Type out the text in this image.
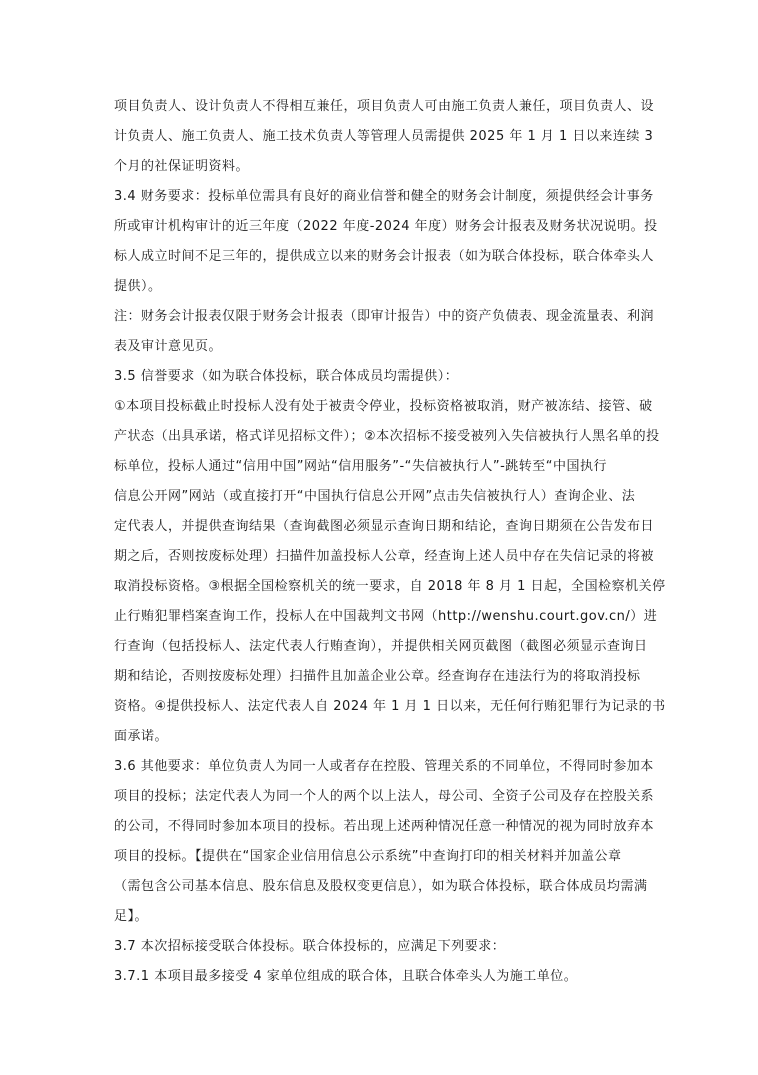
项目负责人、设计负责人不得相互兼任，项目负责人可由施工负责人兼任，项目负责人、设

计负责人、施工负责人、施工技术负责人等管理人员需提供 2025 年 1 月 1 日以来连续 3

个月的社保证明资料。

3.4 财务要求：投标单位需具有良好的商业信誉和健全的财务会计制度，须提供经会计事务

所或审计机构审计的近三年度（2022 年度-2024 年度）财务会计报表及财务状况说明。投

标人成立时间不足三年的，提供成立以来的财务会计报表（如为联合体投标，联合体牵头人

提供）。

注：财务会计报表仅限于财务会计报表（即审计报告）中的资产负债表、现金流量表、利润

表及审计意见页。

3.5 信誉要求（如为联合体投标，联合体成员均需提供）：

①本项目投标截止时投标人没有处于被责令停业，投标资格被取消，财产被冻结、接管、破

产状态（出具承诺，格式详见招标文件）；②本次招标不接受被列入失信被执行人黑名单的投

标单位，投标人通过“信用中国”网站“信用服务”-“失信被执行人”-跳转至“中国执行

信息公开网”网站（或直接打开“中国执行信息公开网”点击失信被执行人）查询企业、法

定代表人，并提供查询结果（查询截图必须显示查询日期和结论，查询日期须在公告发布日

期之后，否则按废标处理）扫描件加盖投标人公章，经查询上述人员中存在失信记录的将被

取消投标资格。③根据全国检察机关的统一要求，自 2018 年 8 月 1 日起，全国检察机关停

止行贿犯罪档案查询工作，投标人在中国裁判文书网（http://wenshu.court.gov.cn/）进

行查询（包括投标人、法定代表人行贿查询），并提供相关网页截图（截图必须显示查询日

期和结论，否则按废标处理）扫描件且加盖企业公章。经查询存在违法行为的将取消投标

资格。④提供投标人、法定代表人自 2024 年 1 月 1 日以来，无任何行贿犯罪行为记录的书

面承诺。

3.6 其他要求：单位负责人为同一人或者存在控股、管理关系的不同单位，不得同时参加本

项目的投标；法定代表人为同一个人的两个以上法人，母公司、全资子公司及存在控股关系

的公司，不得同时参加本项目的投标。若出现上述两种情况任意一种情况的视为同时放弃本

项目的投标。【提供在“国家企业信用信息公示系统”中查询打印的相关材料并加盖公章

（需包含公司基本信息、股东信息及股权变更信息），如为联合体投标，联合体成员均需满

足】。

3.7 本次招标接受联合体投标。联合体投标的，应满足下列要求：

3.7.1 本项目最多接受 4 家单位组成的联合体，且联合体牵头人为施工单位。
